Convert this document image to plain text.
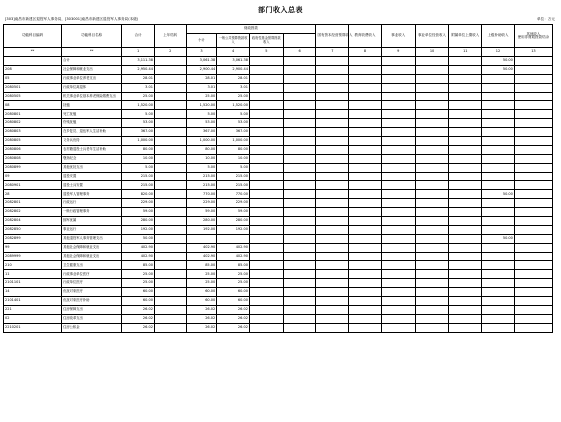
部门收入总表
[303]南昌市新建区退役军人事务局，[303001]南昌市新建区退役军人事务局(本级)	单位：万元
功能科目编码	功能科目名称	合计	上年结转	财政拨款				国有资本经营预算收入	教育收费收入	事业收入	事业单位经营收入	附属单位上缴收入	上级补助收入	其他收入
使用非财政拨款结余
				小计	一般公共预算拨款收入	政府性基金预算拨款收入								
**	**	1	2	3	4	5	6	7	8	9	10	11	12	13
	合计	3,111.38		3,061.38	3,061.38								50.00	
208	社会保障和就业支出	2,950.44		2,900.44	2,900.44								50.00	
05	行政事业单位养老支出	28.01		28.01	28.01									
2080501	行政单位离退休	3.01		3.01	3.01									
2080505	机关事业单位基本养老保险缴费支出	25.00		25.00	25.00									
08	抚恤	1,520.00		1,520.00	1,520.00									
2080801	死亡抚恤	5.00		5.00	5.00									
2080802	伤残抚恤	53.00		53.00	53.00									
2080803	在乡复员、退伍军人生活补助	367.00		367.00	367.00									
2080805	义务兵优待	1,000.00		1,000.00	1,000.00									
2080806	农村籍退役士兵老年生活补助	80.00		80.00	80.00									
2080808	褒扬纪念	10.00		10.00	10.00									
2080899	其他优抚支出	5.00		5.00	5.00									
09	退役安置	215.00		215.00	215.00									
2080901	退役士兵安置	215.00		215.00	215.00									
28	退役军人管理事务	820.00		770.00	770.00								50.00	
2082801	行政运行	229.00		229.00	229.00									
2082802	一般行政管理事务	59.00		59.00	59.00									
2082804	拥军优属	280.00		280.00	280.00									
2082850	事业运行	192.00		192.00	192.00									
2082899	其他退役军人事务管理支出	50.00											50.00	
99	其他社会保障和就业支出	402.90		402.90	402.90									
2089999	其他社会保障和就业支出	402.90		402.90	402.90									
210	卫生健康支出	85.00		85.00	85.00									
11	行政事业单位医疗	25.00		25.00	25.00									
2101101	行政单位医疗	25.00		25.00	25.00									
14	优抚对象医疗	60.00		60.00	60.00									
2101401	优抚对象医疗补助	60.00		60.00	60.00									
221	住房保障支出	26.02		26.02	26.02									
02	住房改革支出	26.02		26.02	26.02									
2210201	住房公积金	26.02		26.02	26.02									
